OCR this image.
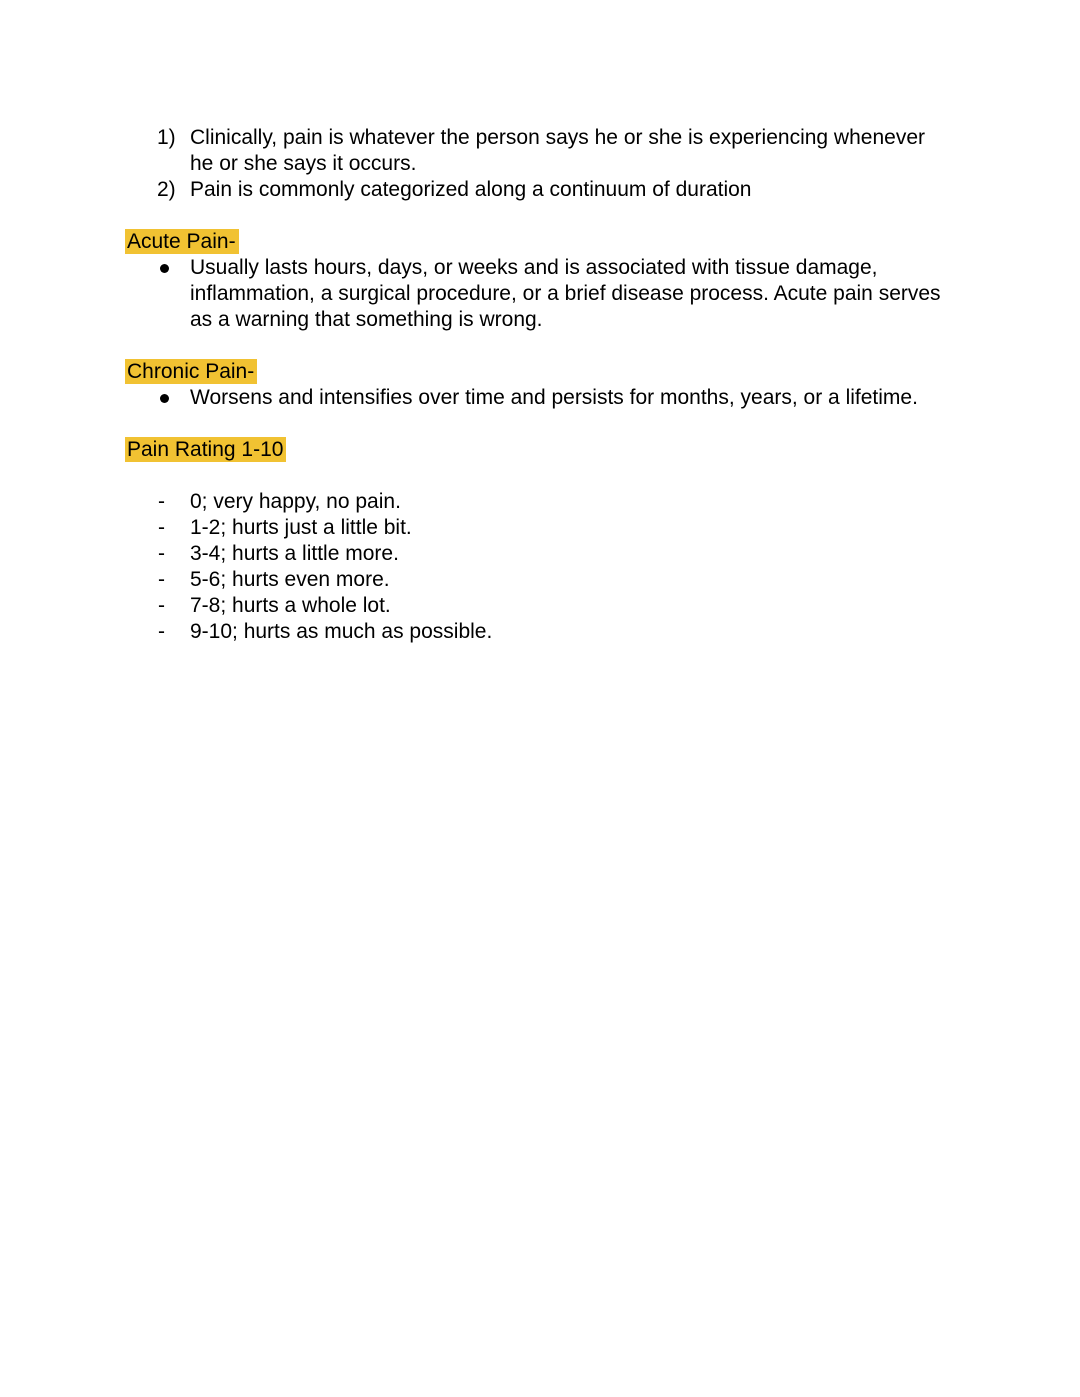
1) Clinically, pain is whatever the person says he or she is experiencing whenever he or she says it occurs.
2) Pain is commonly categorized along a continuum of duration
Acute Pain-
Usually lasts hours, days, or weeks and is associated with tissue damage, inflammation, a surgical procedure, or a brief disease process. Acute pain serves as a warning that something is wrong.
Chronic Pain-
Worsens and intensifies over time and persists for months, years, or a lifetime.
Pain Rating 1-10
- 0; very happy, no pain.
- 1-2; hurts just a little bit.
- 3-4; hurts a little more.
- 5-6; hurts even more.
- 7-8; hurts a whole lot.
- 9-10; hurts as much as possible.
